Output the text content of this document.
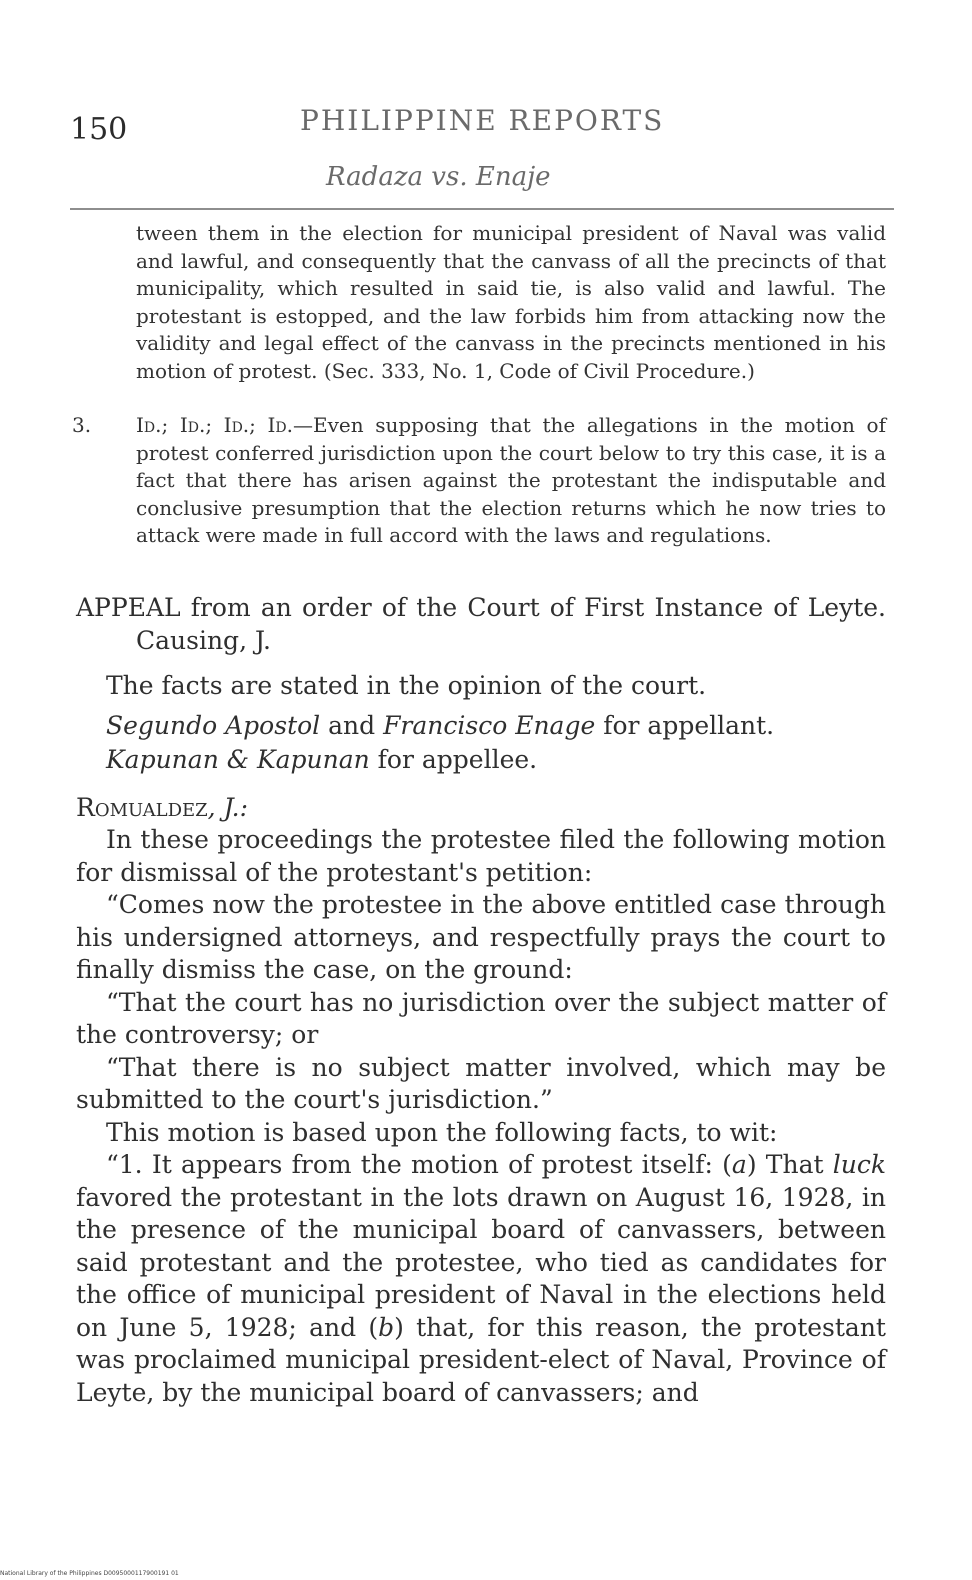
150	PHILIPPINE REPORTS
Radaza vs. Enaje
tween them in the election for municipal president of Naval was valid and lawful, and consequently that the canvass of all the precincts of that municipality, which resulted in said tie, is also valid and lawful. The protestant is estopped, and the law forbids him from attacking now the validity and legal effect of the canvass in the precincts mentioned in his motion of protest. (Sec. 333, No. 1, Code of Civil Procedure.)
3. Id.; Id.; Id.; Id.—Even supposing that the allegations in the motion of protest conferred jurisdiction upon the court below to try this case, it is a fact that there has arisen against the protestant the indisputable and conclusive presumption that the election returns which he now tries to attack were made in full accord with the laws and regulations.
APPEAL from an order of the Court of First Instance of Leyte. Causing, J.
The facts are stated in the opinion of the court.
Segundo Apostol and Francisco Enage for appellant.
Kapunan & Kapunan for appellee.
Romualdez, J.:

In these proceedings the protestee filed the following motion for dismissal of the protestant's petition:

“Comes now the protestee in the above entitled case through his undersigned attorneys, and respectfully prays the court to finally dismiss the case, on the ground:

“That the court has no jurisdiction over the subject matter of the controversy; or

“That there is no subject matter involved, which may be submitted to the court's jurisdiction.”

This motion is based upon the following facts, to wit:

“1. It appears from the motion of protest itself: (a) That luck favored the protestant in the lots drawn on August 16, 1928, in the presence of the municipal board of canvassers, between said protestant and the protestee, who tied as candidates for the office of municipal president of Naval in the elections held on June 5, 1928; and (b) that, for this reason, the protestant was proclaimed municipal president-elect of Naval, Province of Leyte, by the municipal board of canvassers; and

National Library of the Philippines D0095000117900191 01
